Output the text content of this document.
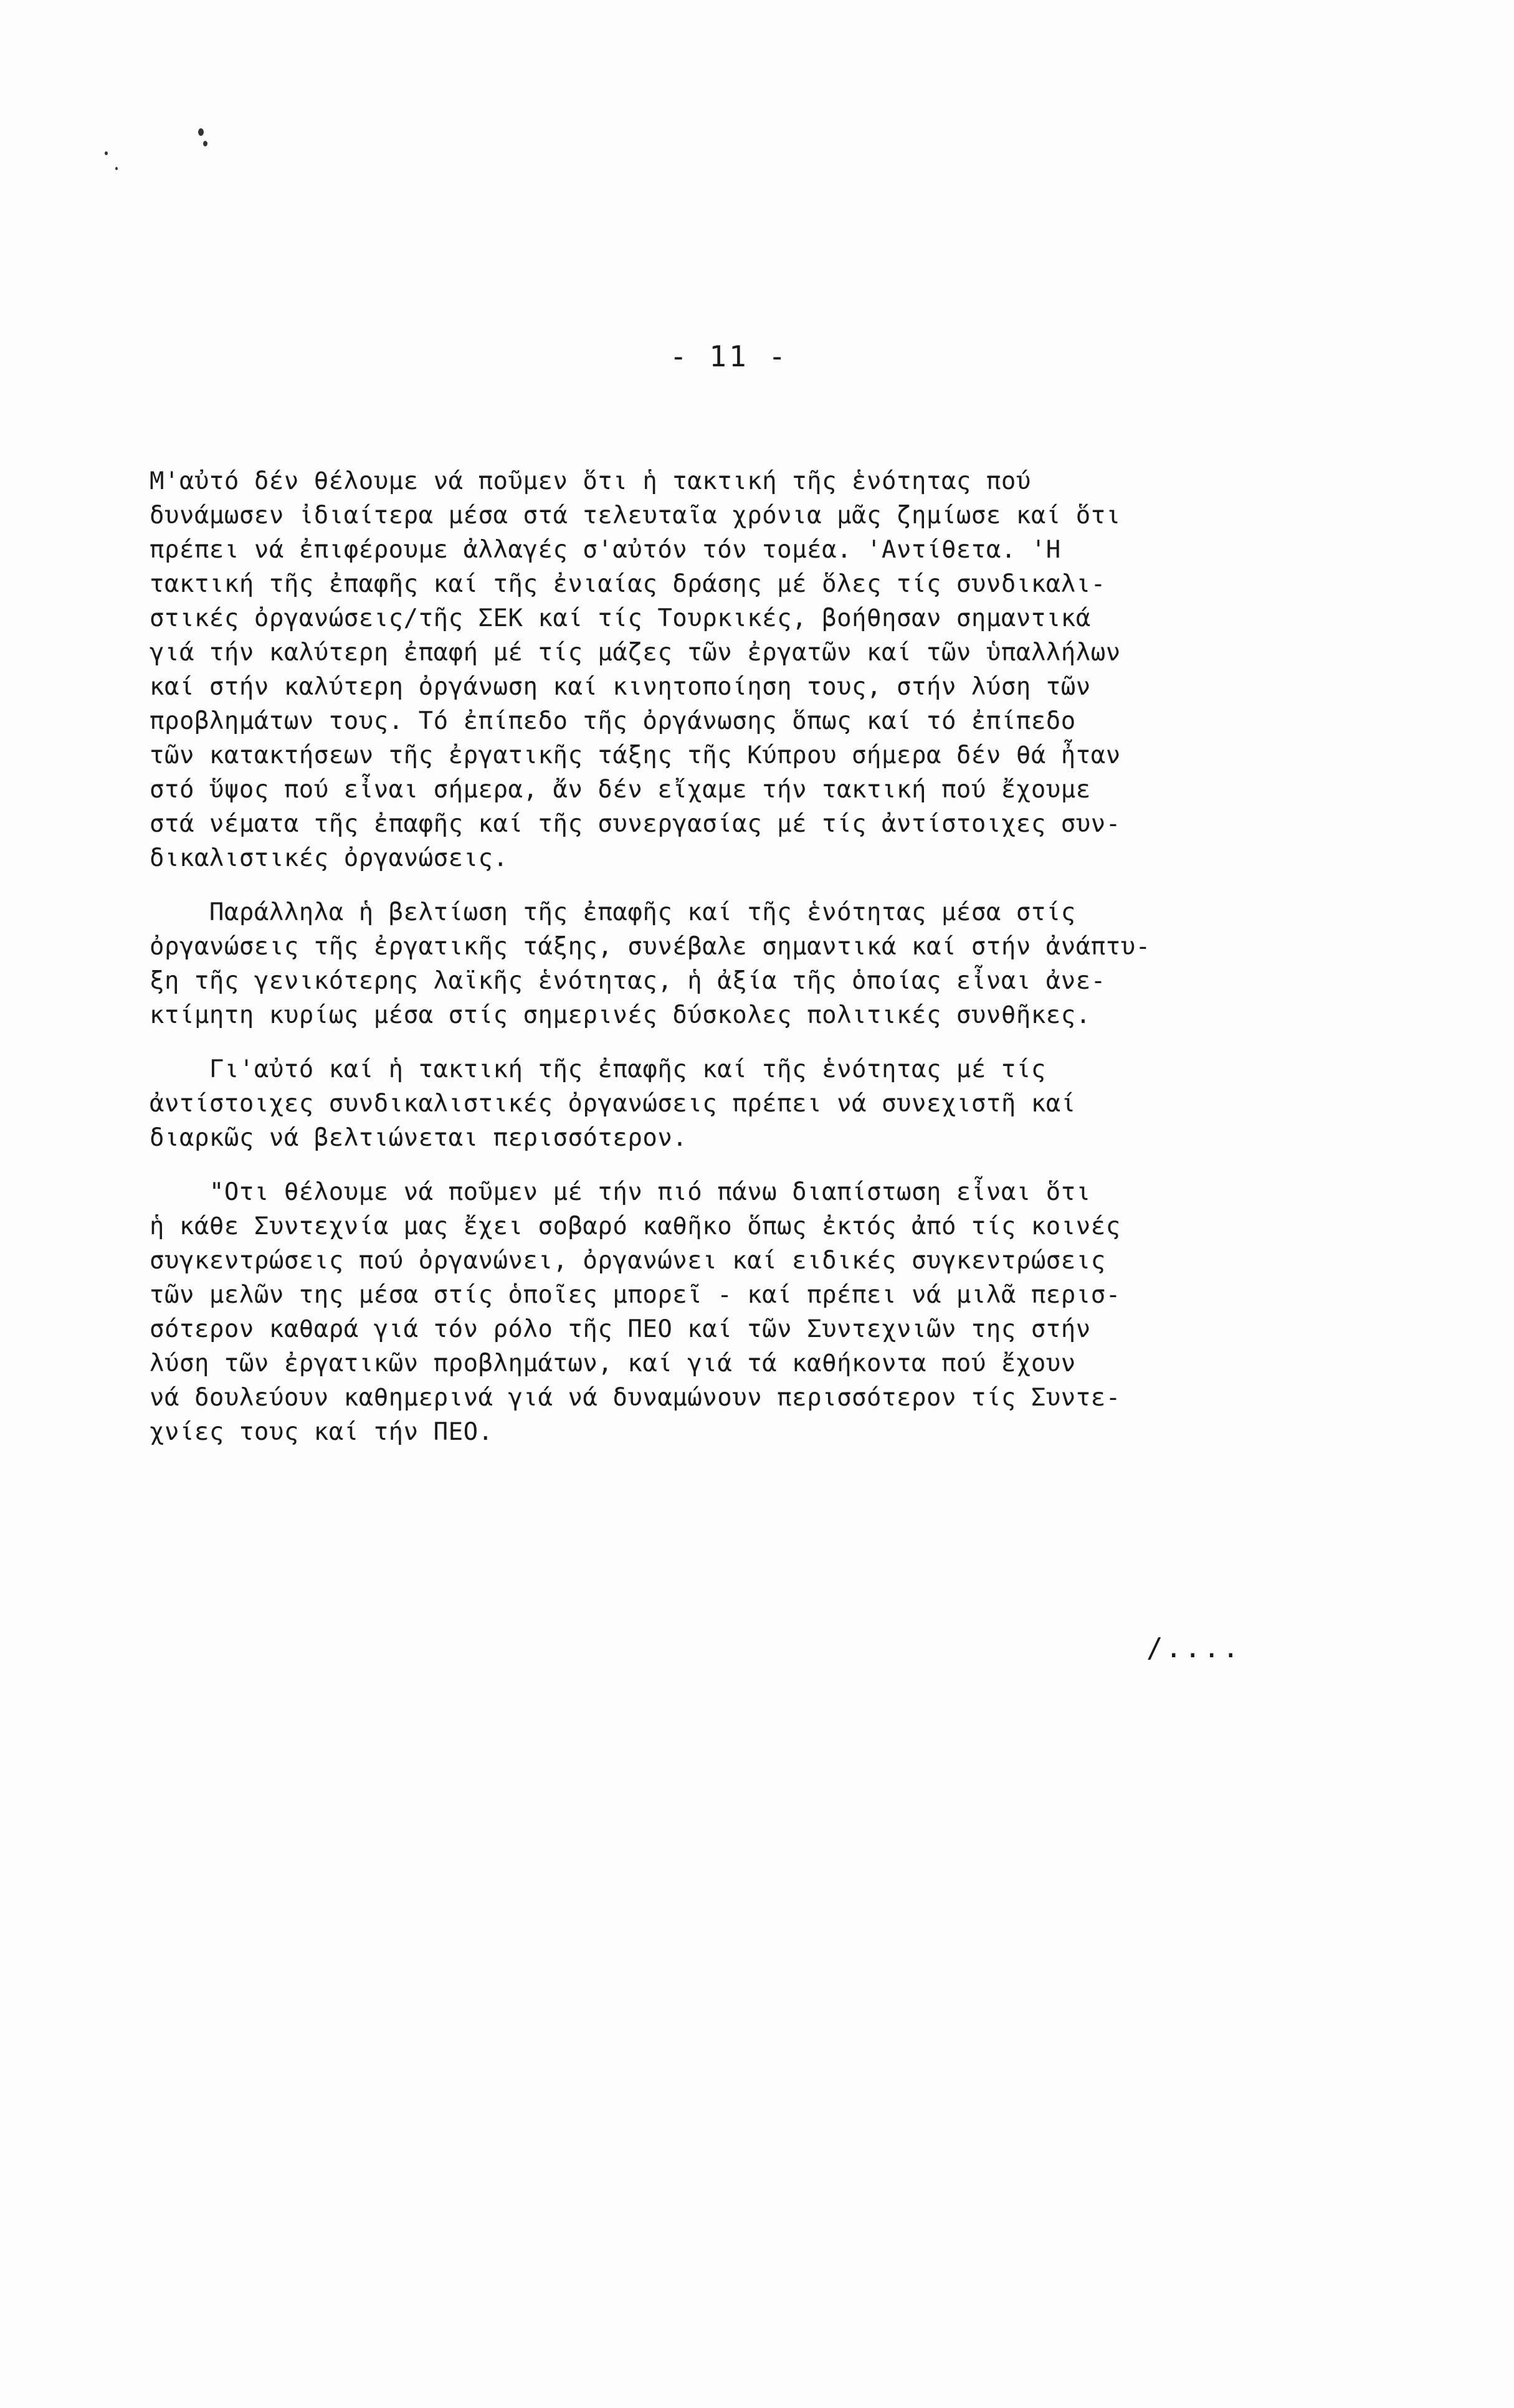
- 11 -
Μ'αὐτό δέν θέλουμε νά ποῦμεν ὅτι ἡ τακτική τῆς ἑνότητας πού
δυνάμωσεν ἰδιαίτερα μέσα στά τελευταῖα χρόνια μᾶς ζημίωσε καί ὅτι
πρέπει νά ἐπιφέρουμε ἀλλαγές σ'αὐτόν τόν τομέα. 'Αντίθετα. 'Η
τακτική τῆς ἐπαφῆς καί τῆς ἐνιαίας δράσης μέ ὅλες τίς συνδικαλι-
στικές ὀργανώσεις/τῆς ΣΕΚ καί τίς Τουρκικές, βοήθησαν σημαντικά
γιά τήν καλύτερη ἐπαφή μέ τίς μάζες τῶν ἐργατῶν καί τῶν ὑπαλλήλων
καί στήν καλύτερη ὀργάνωση καί κινητοποίηση τους, στήν λύση τῶν
προβλημάτων τους. Τό ἐπίπεδο τῆς ὀργάνωσης ὅπως καί τό ἐπίπεδο
τῶν κατακτήσεων τῆς ἐργατικῆς τάξης τῆς Κύπρου σήμερα δέν θά ἦταν
στό ὕψος πού εἶναι σήμερα, ἄν δέν εἴχαμε τήν τακτική πού ἔχουμε
στά νέματα τῆς ἐπαφῆς καί τῆς συνεργασίας μέ τίς ἀντίστοιχες συν-
δικαλιστικές ὀργανώσεις.
Παράλληλα ἡ βελτίωση τῆς ἐπαφῆς καί τῆς ἑνότητας μέσα στίς
ὀργανώσεις τῆς ἐργατικῆς τάξης, συνέβαλε σημαντικά καί στήν ἀνάπτυ-
ξη τῆς γενικότερης λαϊκῆς ἑνότητας, ἡ ἀξία τῆς ὁποίας εἶναι ἀνε-
κτίμητη κυρίως μέσα στίς σημερινές δύσκολες πολιτικές συνθῆκες.
Γι'αὐτό καί ἡ τακτική τῆς ἐπαφῆς καί τῆς ἑνότητας μέ τίς
ἀντίστοιχες συνδικαλιστικές ὀργανώσεις πρέπει νά συνεχιστῆ καί
διαρκῶς νά βελτιώνεται περισσότερον.
"Οτι θέλουμε νά ποῦμεν μέ τήν πιό πάνω διαπίστωση εἶναι ὅτι
ἡ κάθε Συντεχνία μας ἔχει σοβαρό καθῆκο ὅπως ἐκτός ἀπό τίς κοινές
συγκεντρώσεις πού ὀργανώνει, ὀργανώνει καί ειδικές συγκεντρώσεις
τῶν μελῶν της μέσα στίς ὁποῖες μπορεῖ - καί πρέπει νά μιλᾶ περισ-
σότερον καθαρά γιά τόν ρόλο τῆς ΠΕΟ καί τῶν Συντεχνιῶν της στήν
λύση τῶν ἐργατικῶν προβλημάτων, καί γιά τά καθήκοντα πού ἔχουν
νά δουλεύουν καθημερινά γιά νά δυναμώνουν περισσότερον τίς Συντε-
χνίες τους καί τήν ΠΕΟ.
/....
